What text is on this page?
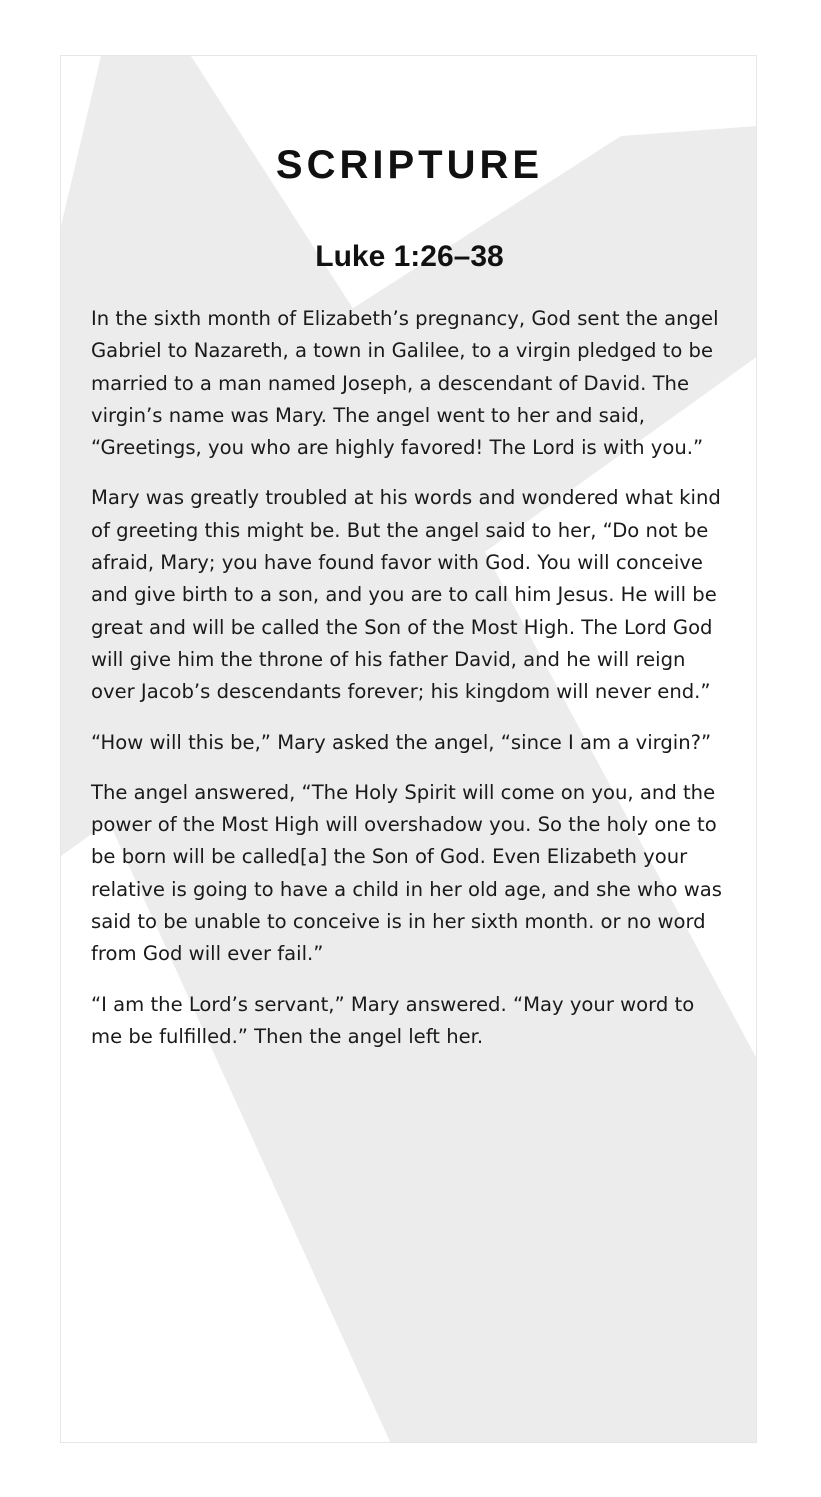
SCRIPTURE
Luke 1:26–38

In the sixth month of Elizabeth’s pregnancy, God sent the angel Gabriel to Nazareth, a town in Galilee, to a virgin pledged to be married to a man named Joseph, a descendant of David. The virgin’s name was Mary. The angel went to her and said, “Greetings, you who are highly favored! The Lord is with you.”

Mary was greatly troubled at his words and wondered what kind of greeting this might be. But the angel said to her, “Do not be afraid, Mary; you have found favor with God. You will conceive and give birth to a son, and you are to call him Jesus. He will be great and will be called the Son of the Most High. The Lord God will give him the throne of his father David, and he will reign over Jacob’s descendants forever; his kingdom will never end.”

“How will this be,” Mary asked the angel, “since I am a virgin?”

The angel answered, “The Holy Spirit will come on you, and the power of the Most High will overshadow you. So the holy one to be born will be called[a] the Son of God. Even Elizabeth your relative is going to have a child in her old age, and she who was said to be unable to conceive is in her sixth month. or no word from God will ever fail.”

“I am the Lord’s servant,” Mary answered. “May your word to me be fulfilled.” Then the angel left her.
